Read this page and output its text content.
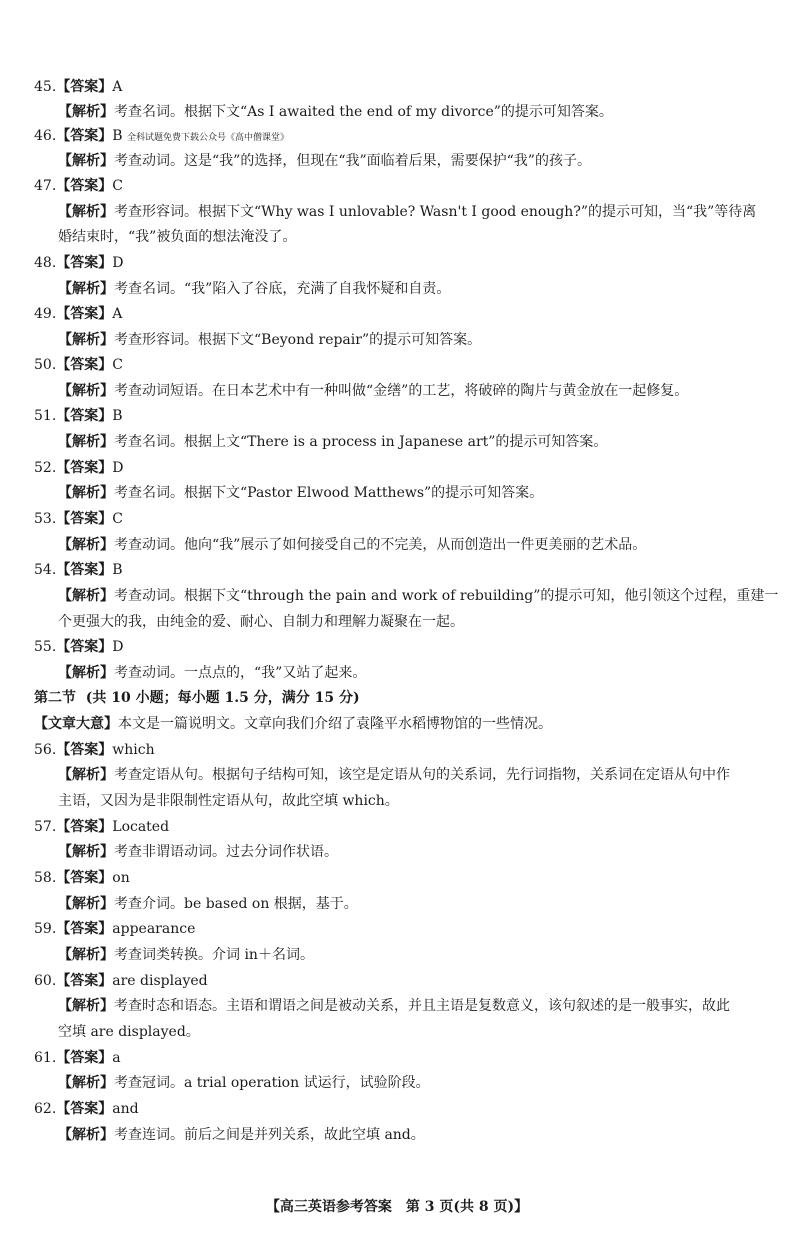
45.【答案】A
【解析】考查名词。根据下文“As I awaited the end of my divorce”的提示可知答案。
46.【答案】B 全科试题免费下载公众号《高中僧课堂》
【解析】考查动词。这是“我”的选择，但现在“我”面临着后果，需要保护“我”的孩子。
47.【答案】C
【解析】考查形容词。根据下文“Why was I unlovable? Wasn't I good enough?”的提示可知，当“我”等待离
婚结束时，“我”被负面的想法淹没了。
48.【答案】D
【解析】考查名词。“我”陷入了谷底，充满了自我怀疑和自责。
49.【答案】A
【解析】考查形容词。根据下文“Beyond repair”的提示可知答案。
50.【答案】C
【解析】考查动词短语。在日本艺术中有一种叫做“金缮”的工艺，将破碎的陶片与黄金放在一起修复。
51.【答案】B
【解析】考查名词。根据上文“There is a process in Japanese art”的提示可知答案。
52.【答案】D
【解析】考查名词。根据下文“Pastor Elwood Matthews”的提示可知答案。
53.【答案】C
【解析】考查动词。他向“我”展示了如何接受自己的不完美，从而创造出一件更美丽的艺术品。
54.【答案】B
【解析】考查动词。根据下文“through the pain and work of rebuilding”的提示可知，他引领这个过程，重建一
个更强大的我，由纯金的爱、耐心、自制力和理解力凝聚在一起。
55.【答案】D
【解析】考查动词。一点点的，“我”又站了起来。
第二节 (共 10 小题；每小题 1.5 分，满分 15 分)
【文章大意】本文是一篇说明文。文章向我们介绍了袁隆平水稻博物馆的一些情况。
56.【答案】which
【解析】考查定语从句。根据句子结构可知，该空是定语从句的关系词，先行词指物，关系词在定语从句中作
主语，又因为是非限制性定语从句，故此空填 which。
57.【答案】Located
【解析】考查非谓语动词。过去分词作状语。
58.【答案】on
【解析】考查介词。be based on 根据，基于。
59.【答案】appearance
【解析】考查词类转换。介词 in＋名词。
60.【答案】are displayed
【解析】考查时态和语态。主语和谓语之间是被动关系，并且主语是复数意义，该句叙述的是一般事实，故此
空填 are displayed。
61.【答案】a
【解析】考查冠词。a trial operation 试运行，试验阶段。
62.【答案】and
【解析】考查连词。前后之间是并列关系，故此空填 and。
【高三英语参考答案　第 3 页(共 8 页)】
